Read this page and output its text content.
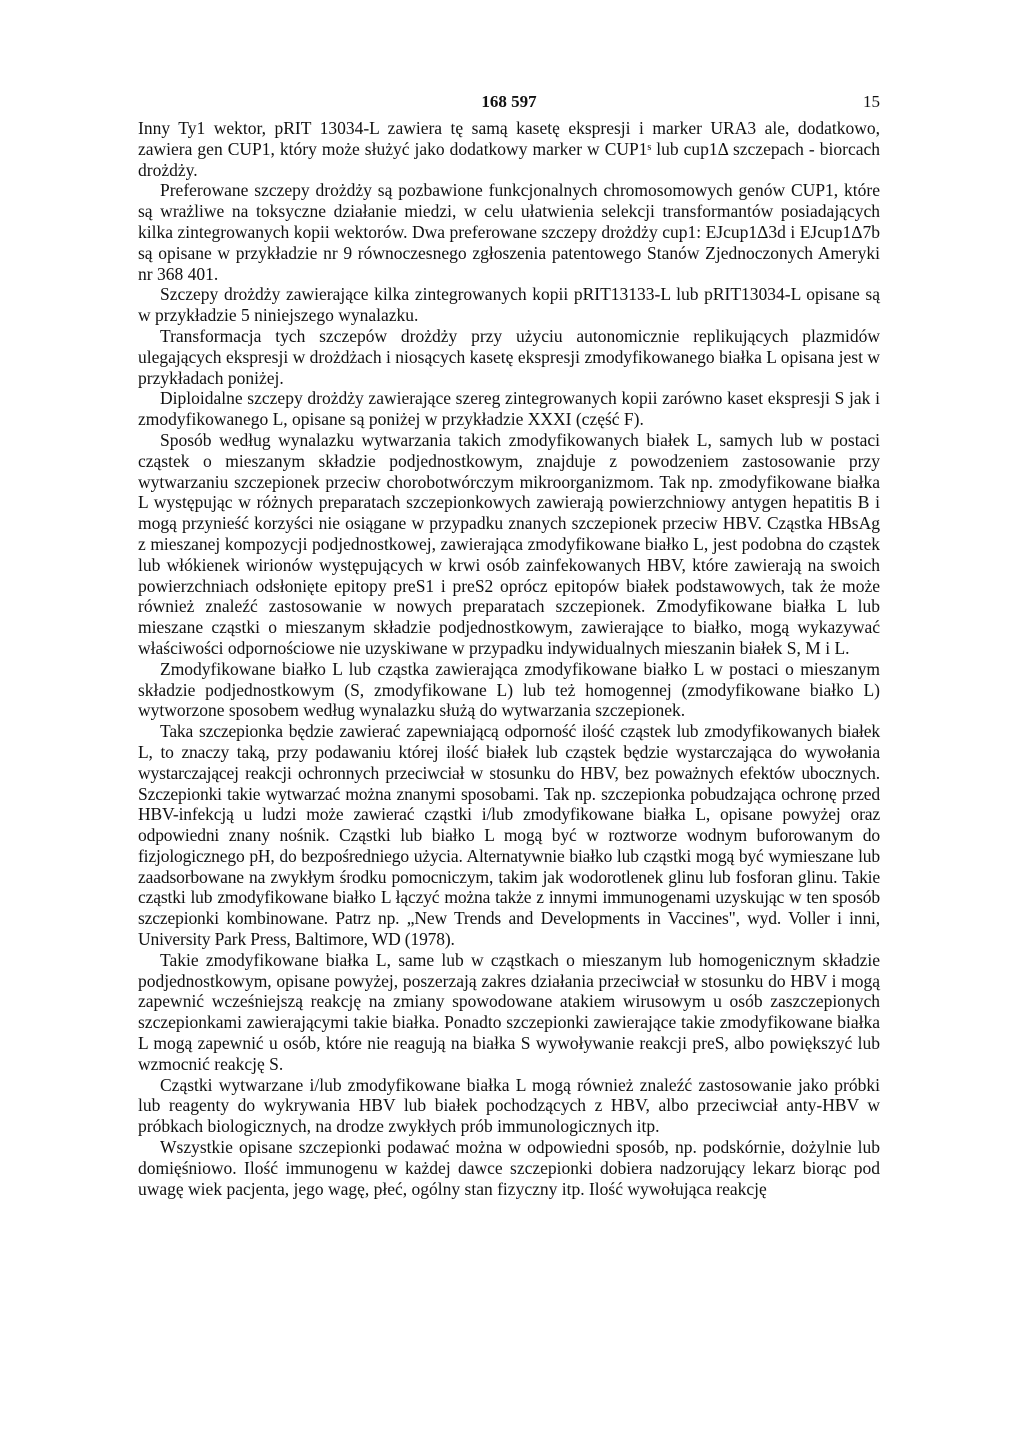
168 597	15

Inny Ty1 wektor, pRIT 13034-L zawiera tę samą kasetę ekspresji i marker URA3 ale, dodatkowo, zawiera gen CUP1, który może służyć jako dodatkowy marker w CUP1ˢ lub cup1Δ szczepach - biorcach drożdży.

Preferowane szczepy drożdży są pozbawione funkcjonalnych chromosomowych genów CUP1, które są wrażliwe na toksyczne działanie miedzi, w celu ułatwienia selekcji transformantów posiadających kilka zintegrowanych kopii wektorów. Dwa preferowane szczepy drożdży cup1: EJcup1Δ3d i EJcup1Δ7b są opisane w przykładzie nr 9 równoczesnego zgłoszenia patentowego Stanów Zjednoczonych Ameryki nr 368 401.

Szczepy drożdży zawierające kilka zintegrowanych kopii pRIT13133-L lub pRIT13034-L opisane są w przykładzie 5 niniejszego wynalazku.

Transformacja tych szczepów drożdży przy użyciu autonomicznie replikujących plazmidów ulegających ekspresji w drożdżach i niosących kasetę ekspresji zmodyfikowanego białka L opisana jest w przykładach poniżej.

Diploidalne szczepy drożdży zawierające szereg zintegrowanych kopii zarówno kaset ekspresji S jak i zmodyfikowanego L, opisane są poniżej w przykładzie XXXI (część F).

Sposób według wynalazku wytwarzania takich zmodyfikowanych białek L, samych lub w postaci cząstek o mieszanym składzie podjednostkowym, znajduje z powodzeniem zastosowanie przy wytwarzaniu szczepionek przeciw chorobotwórczym mikroorganizmom. Tak np. zmodyfikowane białka L występując w różnych preparatach szczepionkowych zawierają powierzchniowy antygen hepatitis B i mogą przynieść korzyści nie osiągane w przypadku znanych szczepionek przeciw HBV. Cząstka HBsAg z mieszanej kompozycji podjednostkowej, zawierająca zmodyfikowane białko L, jest podobna do cząstek lub włókienek wirionów występujących w krwi osób zainfekowanych HBV, które zawierają na swoich powierzchniach odsłonięte epitopy preS1 i preS2 oprócz epitopów białek podstawowych, tak że może również znaleźć zastosowanie w nowych preparatach szczepionek. Zmodyfikowane białka L lub mieszane cząstki o mieszanym składzie podjednostkowym, zawierające to białko, mogą wykazywać właściwości odpornościowe nie uzyskiwane w przypadku indywidualnych mieszanin białek S, M i L.

Zmodyfikowane białko L lub cząstka zawierająca zmodyfikowane białko L w postaci o mieszanym składzie podjednostkowym (S, zmodyfikowane L) lub też homogennej (zmodyfikowane białko L) wytworzone sposobem według wynalazku służą do wytwarzania szczepionek.

Taka szczepionka będzie zawierać zapewniającą odporność ilość cząstek lub zmodyfikowanych białek L, to znaczy taką, przy podawaniu której ilość białek lub cząstek będzie wystarczająca do wywołania wystarczającej reakcji ochronnych przeciwciał w stosunku do HBV, bez poważnych efektów ubocznych. Szczepionki takie wytwarzać można znanymi sposobami. Tak np. szczepionka pobudzająca ochronę przed HBV-infekcją u ludzi może zawierać cząstki i/lub zmodyfikowane białka L, opisane powyżej oraz odpowiedni znany nośnik. Cząstki lub białko L mogą być w roztworze wodnym buforowanym do fizjologicznego pH, do bezpośredniego użycia. Alternatywnie białko lub cząstki mogą być wymieszane lub zaadsorbowane na zwykłym środku pomocniczym, takim jak wodorotlenek glinu lub fosforan glinu. Takie cząstki lub zmodyfikowane białko L łączyć można także z innymi immunogenami uzyskując w ten sposób szczepionki kombinowane. Patrz np. „New Trends and Developments in Vaccines", wyd. Voller i inni, University Park Press, Baltimore, WD (1978).

Takie zmodyfikowane białka L, same lub w cząstkach o mieszanym lub homogenicznym składzie podjednostkowym, opisane powyżej, poszerzają zakres działania przeciwciał w stosunku do HBV i mogą zapewnić wcześniejszą reakcję na zmiany spowodowane atakiem wirusowym u osób zaszczepionych szczepionkami zawierającymi takie białka. Ponadto szczepionki zawierające takie zmodyfikowane białka L mogą zapewnić u osób, które nie reagują na białka S wywoływanie reakcji preS, albo powiększyć lub wzmocnić reakcję S.

Cząstki wytwarzane i/lub zmodyfikowane białka L mogą również znaleźć zastosowanie jako próbki lub reagenty do wykrywania HBV lub białek pochodzących z HBV, albo przeciwciał anty-HBV w próbkach biologicznych, na drodze zwykłych prób immunologicznych itp.

Wszystkie opisane szczepionki podawać można w odpowiedni sposób, np. podskórnie, dożylnie lub domięśniowo. Ilość immunogenu w każdej dawce szczepionki dobiera nadzorujący lekarz biorąc pod uwagę wiek pacjenta, jego wagę, płeć, ogólny stan fizyczny itp. Ilość wywołująca reakcję
